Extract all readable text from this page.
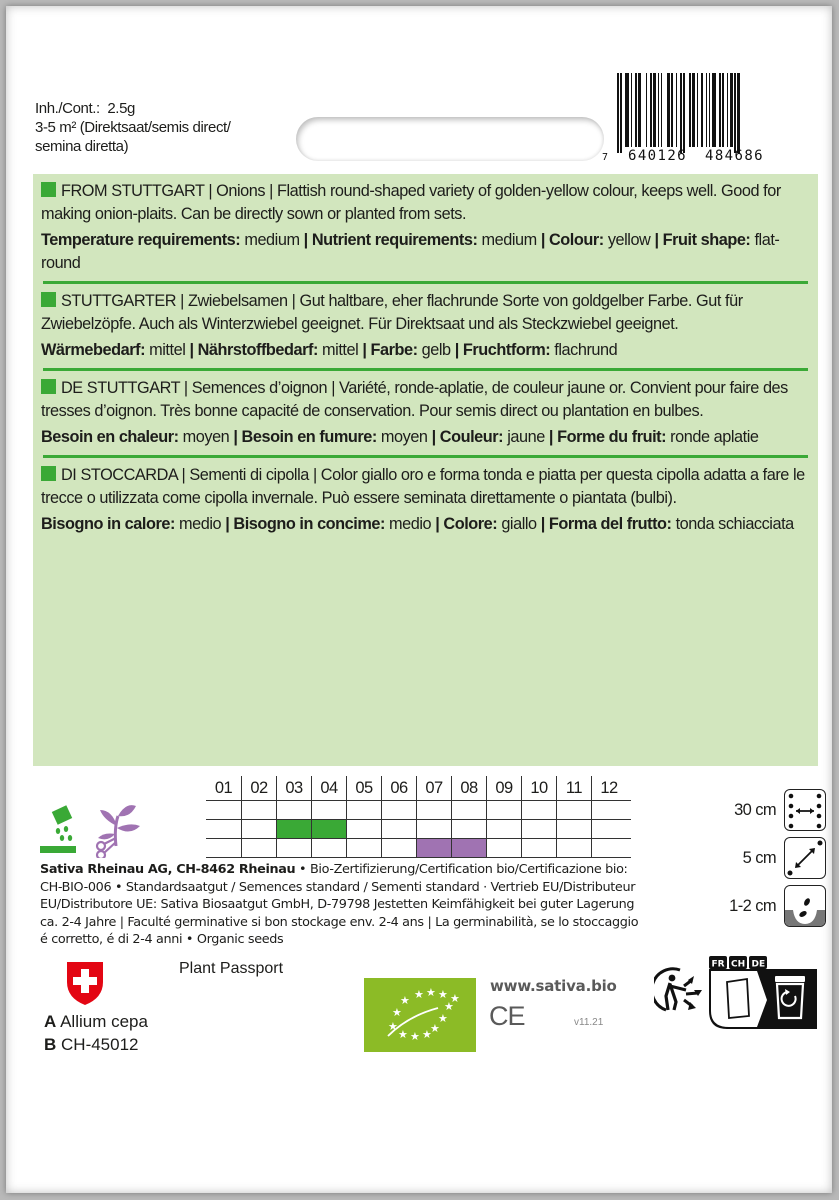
Inh./Cont.: 2.5g
3-5 m² (Direktsaat/semis direct/
semina diretta)
7 640126 484686
FROM STUTTGART | Onions | Flattish round-shaped variety of golden-yellow colour, keeps well. Good for making onion-plaits. Can be directly sown or planted from sets.
Temperature requirements: medium | Nutrient requirements: medium | Colour: yellow | Fruit shape: flat-round
STUTTGARTER | Zwiebelsamen | Gut haltbare, eher flachrunde Sorte von goldgelber Farbe. Gut für Zwiebelzöpfe. Auch als Winterzwiebel geeignet. Für Direktsaat und als Steckzwiebel geeignet.
Wärmebedarf: mittel | Nährstoffbedarf: mittel | Farbe: gelb | Fruchtform: flachrund
DE STUTTGART | Semences d’oignon | Variété, ronde-aplatie, de couleur jaune or. Convient pour faire des tresses d’oignon. Très bonne capacité de conservation. Pour semis direct ou plantation en bulbes.
Besoin en chaleur: moyen | Besoin en fumure: moyen | Couleur: jaune | Forme du fruit: ronde aplatie
DI STOCCARDA | Sementi di cipolla | Color giallo oro e forma tonda e piatta per questa cipolla adatta a fare le trecce o utilizzata come cipolla invernale. Può essere seminata direttamente o piantata (bulbi).
Bisogno in calore: medio | Bisogno in concime: medio | Colore: giallo | Forma del frutto: tonda schiacciata
01	02	03	04	05	06	07	08	09	10	11	12
30 cm
5 cm
1-2 cm
Sativa Rheinau AG, CH-8462 Rheinau • Bio-Zertifizierung/Certification bio/Certificazione bio: CH-BIO-006 • Standardsaatgut / Semences standard / Sementi standard · Vertrieb EU/Distributeur EU/Distributore UE: Sativa Biosaatgut GmbH, D-79798 Jestetten Keimfähigkeit bei guter Lagerung ca. 2-4 Jahre | Faculté germinative si bon stockage env. 2-4 ans | La germinabilità, se lo stoccaggio é corretto, é di 2-4 anni • Organic seeds
Plant Passport
A Allium cepa
B CH-45012
★
★ ★ ★
★
★
★
★
★
★
★
★
★
www.sativa.bio
CE	v11.21
FR CH DE
